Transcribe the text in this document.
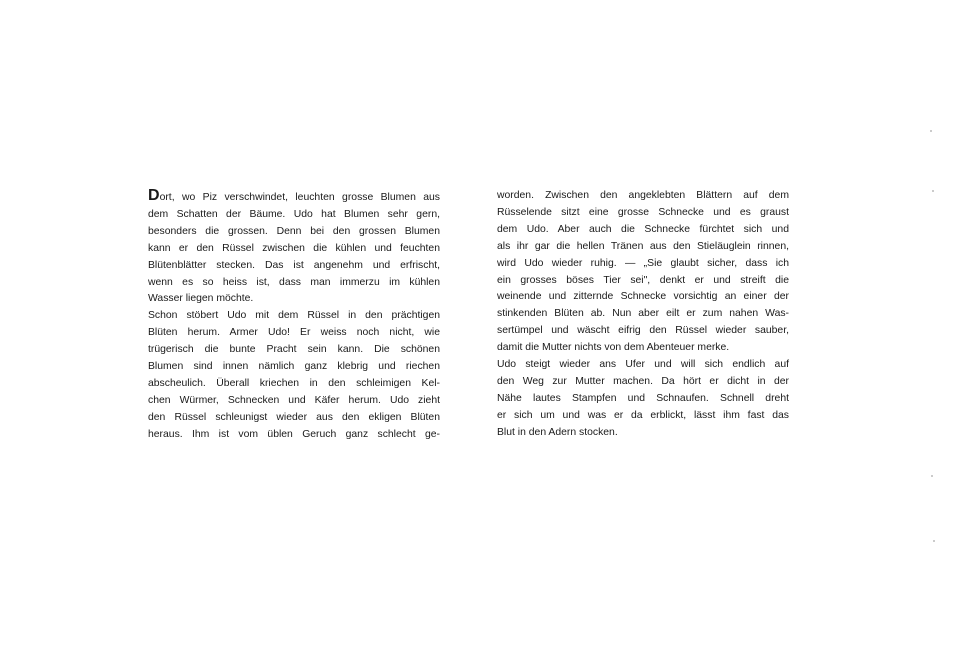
Dort, wo Piz verschwindet, leuchten grosse Blumen aus
dem Schatten der Bäume. Udo hat Blumen sehr gern,
besonders die grossen. Denn bei den grossen Blumen
kann er den Rüssel zwischen die kühlen und feuchten
Blütenblätter stecken. Das ist angenehm und erfrischt,
wenn es so heiss ist, dass man immerzu im kühlen
Wasser liegen möchte.
Schon stöbert Udo mit dem Rüssel in den prächtigen
Blüten herum. Armer Udo! Er weiss noch nicht, wie
trügerisch die bunte Pracht sein kann. Die schönen
Blumen sind innen nämlich ganz klebrig und riechen
abscheulich. Überall kriechen in den schleimigen Kel-
chen Würmer, Schnecken und Käfer herum. Udo zieht
den Rüssel schleunigst wieder aus den ekligen Blüten
heraus. Ihm ist vom üblen Geruch ganz schlecht ge-
worden. Zwischen den angeklebten Blättern auf dem
Rüsselende sitzt eine grosse Schnecke und es graust
dem Udo. Aber auch die Schnecke fürchtet sich und
als ihr gar die hellen Tränen aus den Stieläuglein rinnen,
wird Udo wieder ruhig. — „Sie glaubt sicher, dass ich
ein grosses böses Tier sei", denkt er und streift die
weinende und zitternde Schnecke vorsichtig an einer der
stinkenden Blüten ab. Nun aber eilt er zum nahen Was-
sertümpel und wäscht eifrig den Rüssel wieder sauber,
damit die Mutter nichts von dem Abenteuer merke.
Udo steigt wieder ans Ufer und will sich endlich auf
den Weg zur Mutter machen. Da hört er dicht in der
Nähe lautes Stampfen und Schnaufen. Schnell dreht
er sich um und was er da erblickt, lässt ihm fast das
Blut in den Adern stocken.
